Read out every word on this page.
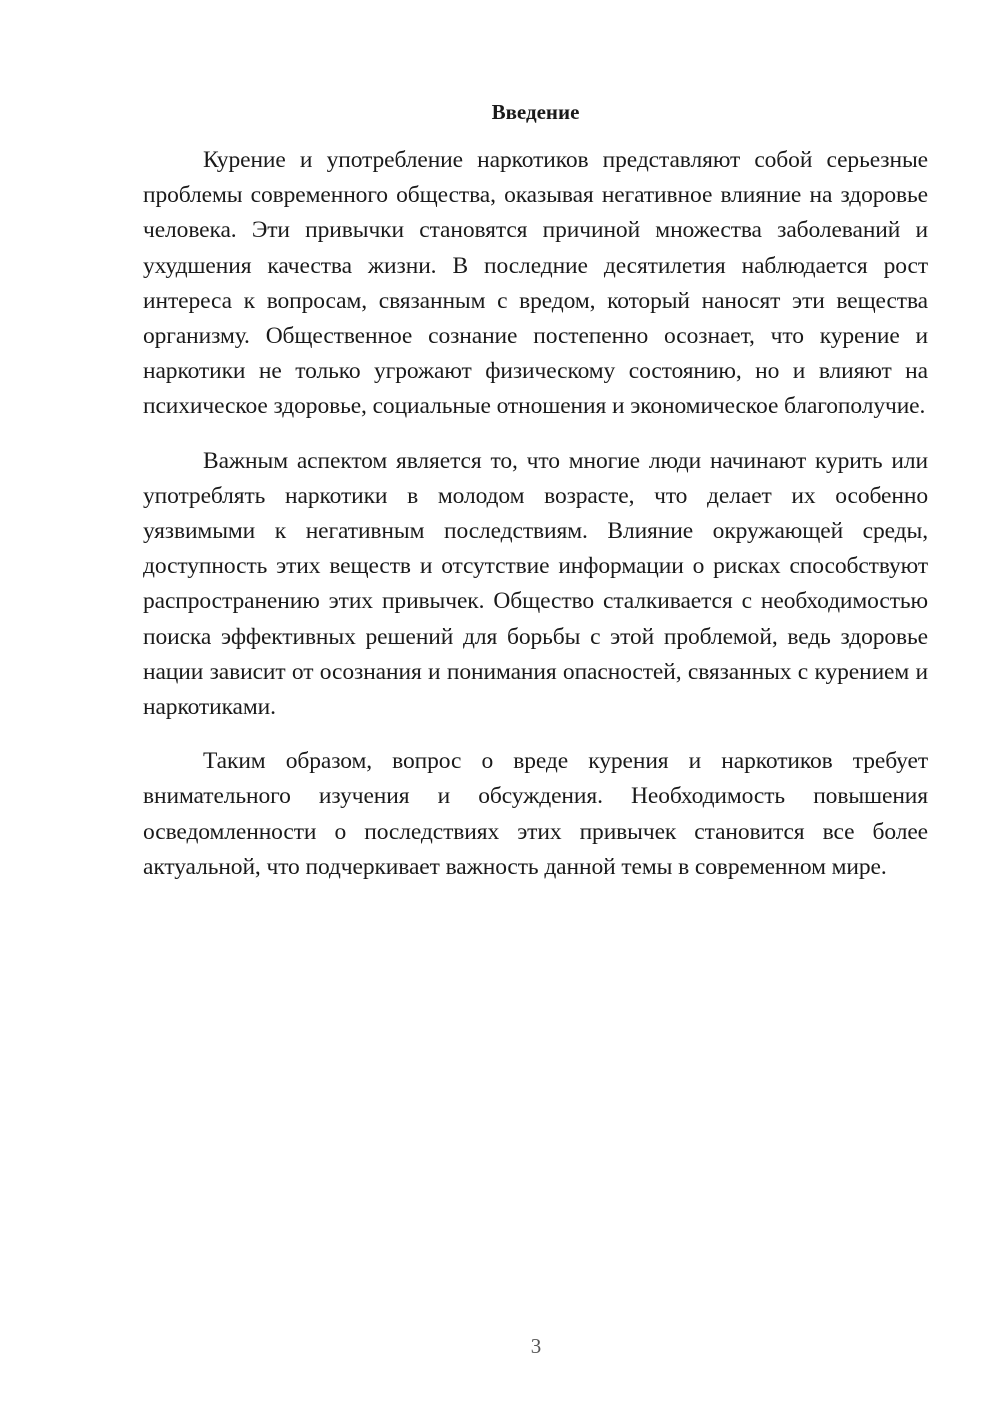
Введение

Курение и употребление наркотиков представляют собой серьезные проблемы современного общества, оказывая негативное влияние на здоровье человека. Эти привычки становятся причиной множества заболеваний и ухудшения качества жизни. В последние десятилетия наблюдается рост интереса к вопросам, связанным с вредом, который наносят эти вещества организму. Общественное сознание постепенно осознает, что курение и наркотики не только угрожают физическому состоянию, но и влияют на психическое здоровье, социальные отношения и экономическое благополучие.

Важным аспектом является то, что многие люди начинают курить или употреблять наркотики в молодом возрасте, что делает их особенно уязвимыми к негативным последствиям. Влияние окружающей среды, доступность этих веществ и отсутствие информации о рисках способствуют распространению этих привычек. Общество сталкивается с необходимостью поиска эффективных решений для борьбы с этой проблемой, ведь здоровье нации зависит от осознания и понимания опасностей, связанных с курением и наркотиками.

Таким образом, вопрос о вреде курения и наркотиков требует внимательного изучения и обсуждения. Необходимость повышения осведомленности о последствиях этих привычек становится все более актуальной, что подчеркивает важность данной темы в современном мире.

3
